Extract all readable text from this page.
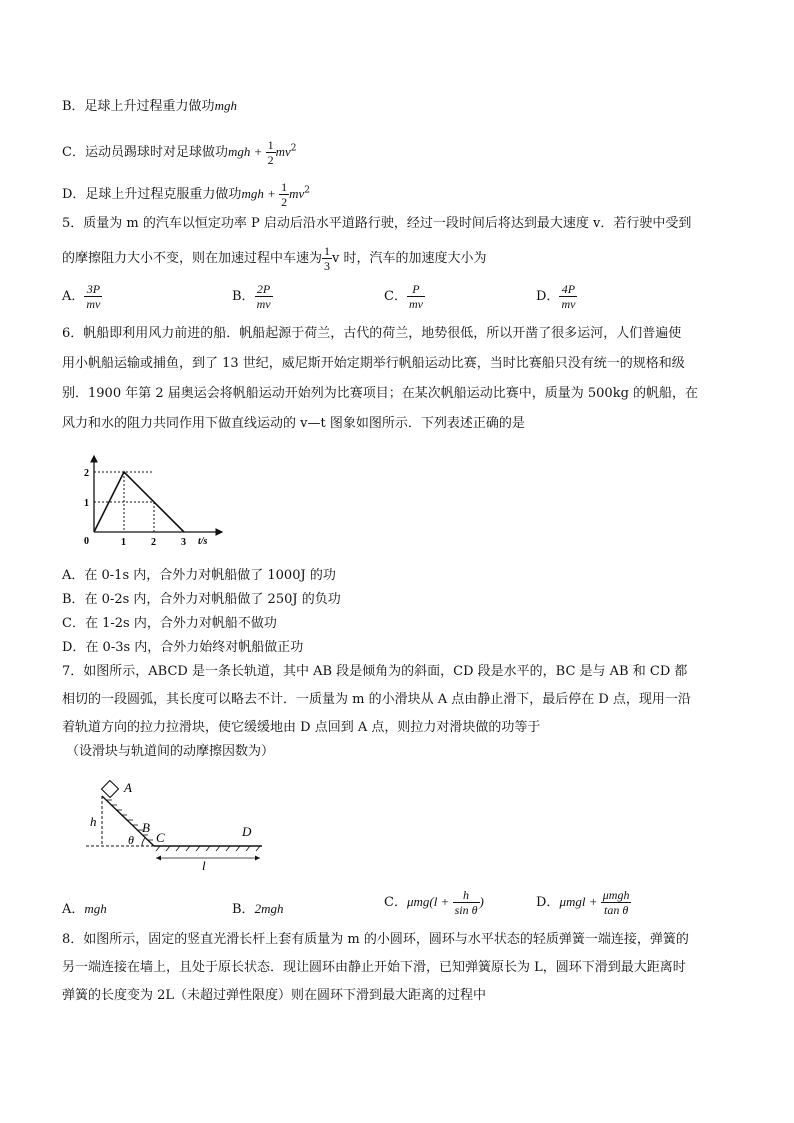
B．足球上升过程重力做功mgh
C．运动员踢球时对足球做功mgh + $\frac{1}{2} mv^2$
D．足球上升过程克服重力做功mgh + $\frac{1}{2} mv^2$
5．质量为 m 的汽车以恒定功率 P 启动后沿水平道路行驶，经过一段时间后将达到最大速度 v．若行驶中受到
的摩擦阻力大小不变，则在加速过程中车速为 $\frac{1}{3}$ v 时，汽车的加速度大小为
A． $\frac{3P}{mv}$	B． $\frac{2P}{mv}$	C． $\frac{P}{mv}$	D． $\frac{4P}{mv}$
6．帆船即利用风力前进的船．帆船起源于荷兰，古代的荷兰，地势很低，所以开凿了很多运河，人们普遍使
用小帆船运输或捕鱼，到了 13 世纪，威尼斯开始定期举行帆船运动比赛，当时比赛船只没有统一的规格和级
别．1900 年第 2 届奥运会将帆船运动开始列为比赛项目；在某次帆船运动比赛中，质量为 500kg 的帆船，在
风力和水的阻力共同作用下做直线运动的 v—t 图象如图所示．下列表述正确的是
1	2	3
1
2
0	t/s
A．在 0-1s 内，合外力对帆船做了 1000J 的功
B．在 0-2s 内，合外力对帆船做了 250J 的负功
C．在 1-2s 内，合外力对帆船不做功
D．在 0-3s 内，合外力始终对帆船做正功
7．如图所示，ABCD 是一条长轨道，其中 AB 段是倾角为的斜面，CD 段是水平的，BC 是与 AB 和 CD 都
相切的一段圆弧，其长度可以略去不计．一质量为 m 的小滑块从 A 点由静止滑下，最后停在 D 点，现用一沿
着轨道方向的拉力拉滑块，使它缓缓地由 D 点回到 A 点，则拉力对滑块做的功等于
（设滑块与轨道间的动摩擦因数为）
A
h	B
θ C	D
l
A．mgh	B．2mgh	C．$\mu mg(l + \frac{h}{\text{sin θ}}$ )	D．$\mu mgl + \frac{\text{μmgh}}{\text{tan θ}}$
8．如图所示，固定的竖直光滑长杆上套有质量为 m 的小圆环，圆环与水平状态的轻质弹簧一端连接，弹簧的
另一端连接在墙上，且处于原长状态．现让圆环由静止开始下滑，已知弹簧原长为 L，圆环下滑到最大距离时
弹簧的长度变为 2L（未超过弹性限度）则在圆环下滑到最大距离的过程中
